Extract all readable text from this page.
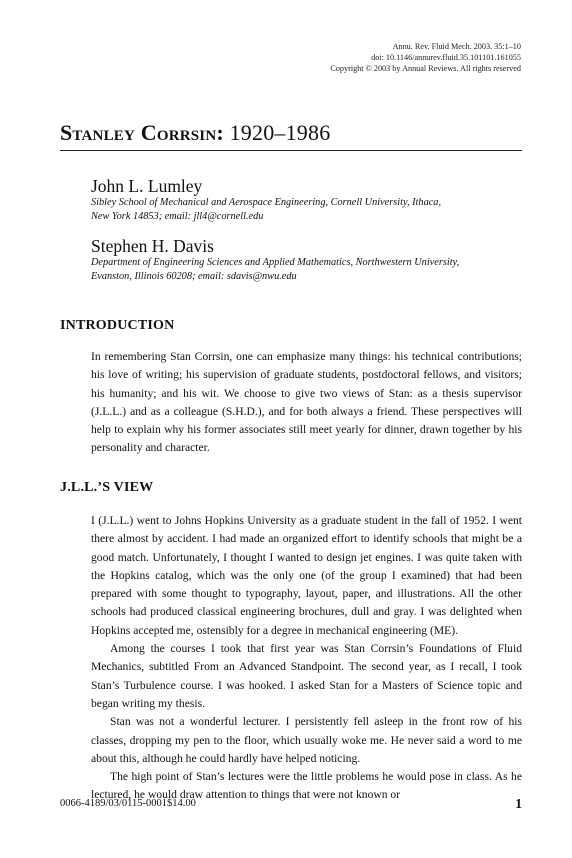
Annu. Rev. Fluid Mech. 2003. 35:1–10
doi: 10.1146/annurev.fluid.35.101101.161055
Copyright © 2003 by Annual Reviews. All rights reserved
Stanley Corrsin: 1920–1986
John L. Lumley
Sibley School of Mechanical and Aerospace Engineering, Cornell University, Ithaca,
New York 14853; email: jll4@cornell.edu
Stephen H. Davis
Department of Engineering Sciences and Applied Mathematics, Northwestern University,
Evanston, Illinois 60208; email: sdavis@nwu.edu
INTRODUCTION

In remembering Stan Corrsin, one can emphasize many things: his technical contributions; his love of writing; his supervision of graduate students, postdoctoral fellows, and visitors; his humanity; and his wit. We choose to give two views of Stan: as a thesis supervisor (J.L.L.) and as a colleague (S.H.D.), and for both always a friend. These perspectives will help to explain why his former associates still meet yearly for dinner, drawn together by his personality and character.

J.L.L.’S VIEW

I (J.L.L.) went to Johns Hopkins University as a graduate student in the fall of 1952. I went there almost by accident. I had made an organized effort to identify schools that might be a good match. Unfortunately, I thought I wanted to design jet engines. I was quite taken with the Hopkins catalog, which was the only one (of the group I examined) that had been prepared with some thought to typography, layout, paper, and illustrations. All the other schools had produced classical engineering brochures, dull and gray. I was delighted when Hopkins accepted me, ostensibly for a degree in mechanical engineering (ME).

Among the courses I took that first year was Stan Corrsin’s Foundations of Fluid Mechanics, subtitled From an Advanced Standpoint. The second year, as I recall, I took Stan’s Turbulence course. I was hooked. I asked Stan for a Masters of Science topic and began writing my thesis.

Stan was not a wonderful lecturer. I persistently fell asleep in the front row of his classes, dropping my pen to the floor, which usually woke me. He never said a word to me about this, although he could hardly have helped noticing.

The high point of Stan’s lectures were the little problems he would pose in class. As he lectured, he would draw attention to things that were not known or

0066-4189/03/0115-0001$14.00	1
